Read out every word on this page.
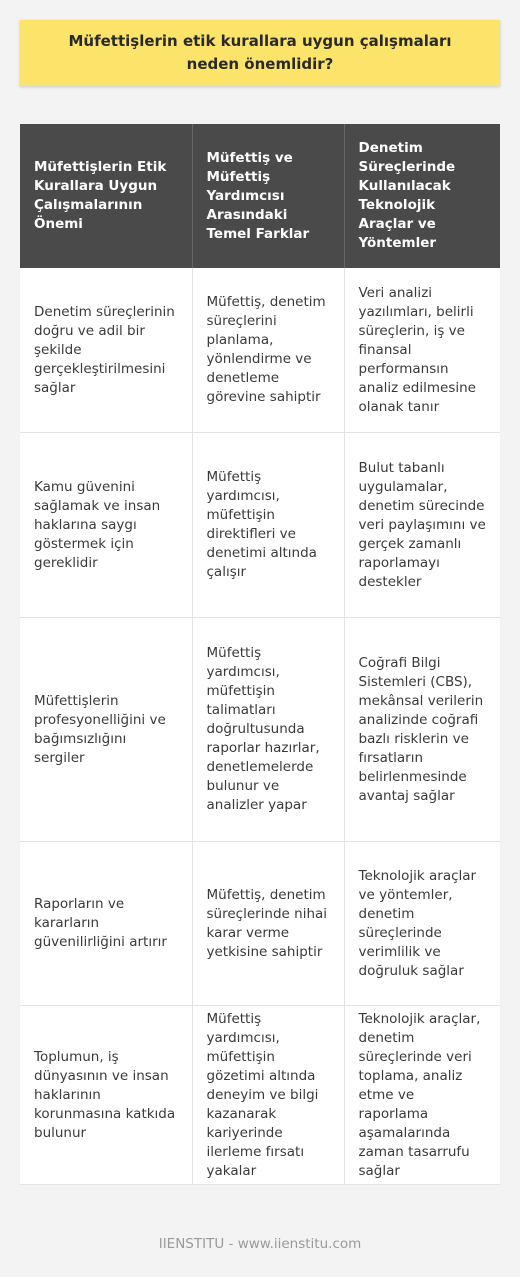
Müfettişlerin etik kurallara uygun çalışmaları neden önemlidir?
Müfettişlerin Etik Kurallara Uygun Çalışmalarının Önemi	Müfettiş ve Müfettiş Yardımcısı Arasındaki Temel Farklar	Denetim Süreçlerinde Kullanılacak Teknolojik Araçlar ve Yöntemler
Denetim süreçlerinin doğru ve adil bir şekilde gerçekleştirilmesini sağlar	Müfettiş, denetim süreçlerini planlama, yönlendirme ve denetleme görevine sahiptir	Veri analizi yazılımları, belirli süreçlerin, iş ve finansal performansın analiz edilmesine olanak tanır
Kamu güvenini sağlamak ve insan haklarına saygı göstermek için gereklidir	Müfettiş yardımcısı, müfettişin direktifleri ve denetimi altında çalışır	Bulut tabanlı uygulamalar, denetim sürecinde veri paylaşımını ve gerçek zamanlı raporlamayı destekler
Müfettişlerin profesyonelliğini ve bağımsızlığını sergiler	Müfettiş yardımcısı, müfettişin talimatları doğrultusunda raporlar hazırlar, denetlemelerde bulunur ve analizler yapar	Coğrafi Bilgi Sistemleri (CBS), mekânsal verilerin analizinde coğrafi bazlı risklerin ve fırsatların belirlenmesinde avantaj sağlar
Raporların ve kararların güvenilirliğini artırır	Müfettiş, denetim süreçlerinde nihai karar verme yetkisine sahiptir	Teknolojik araçlar ve yöntemler, denetim süreçlerinde verimlilik ve doğruluk sağlar
Toplumun, iş dünyasının ve insan haklarının korunmasına katkıda bulunur	Müfettiş yardımcısı, müfettişin gözetimi altında deneyim ve bilgi kazanarak kariyerinde ilerleme fırsatı yakalar	Teknolojik araçlar, denetim süreçlerinde veri toplama, analiz etme ve raporlama aşamalarında zaman tasarrufu sağlar
IIENSTITU - www.iienstitu.com
